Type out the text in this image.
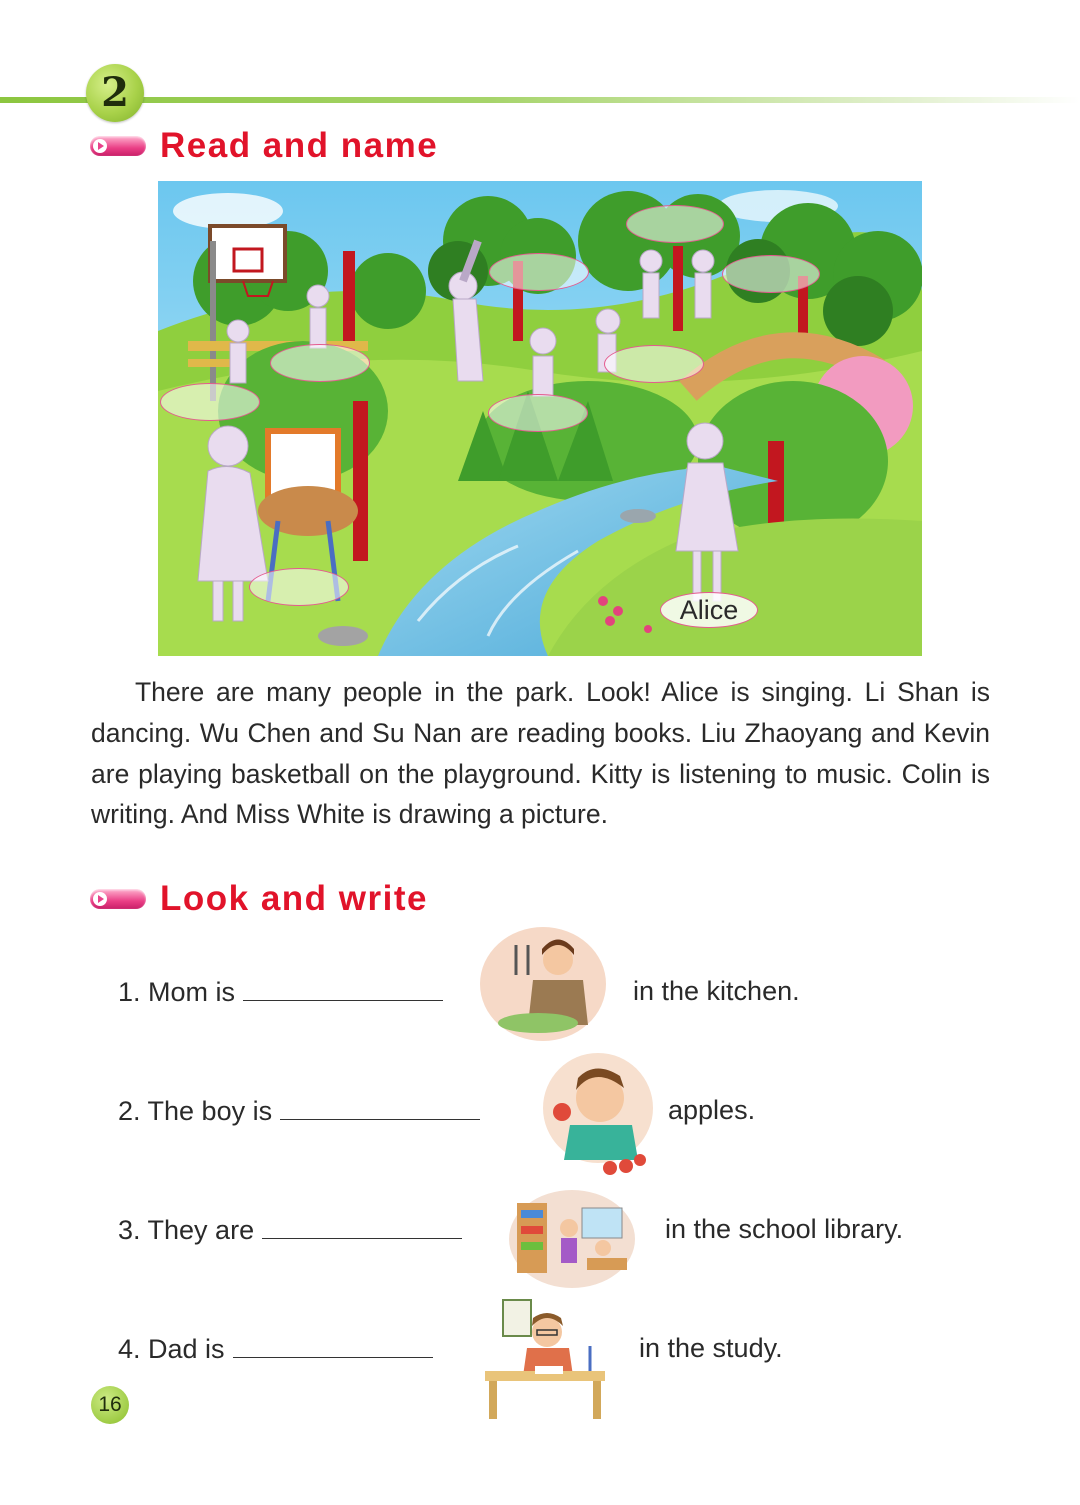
2
Read and name
Alice
There are many people in the park. Look! Alice is singing. Li Shan is dancing. Wu Chen and Su Nan are reading books. Liu Zhaoyang and Kevin are playing basketball on the playground. Kitty is listening to music. Colin is writing. And Miss White is drawing a picture.
Look and write
1. Mom is	in the kitchen.
2. The boy is	apples.
3. They are	in the school library.
4. Dad is	in the study.
16
